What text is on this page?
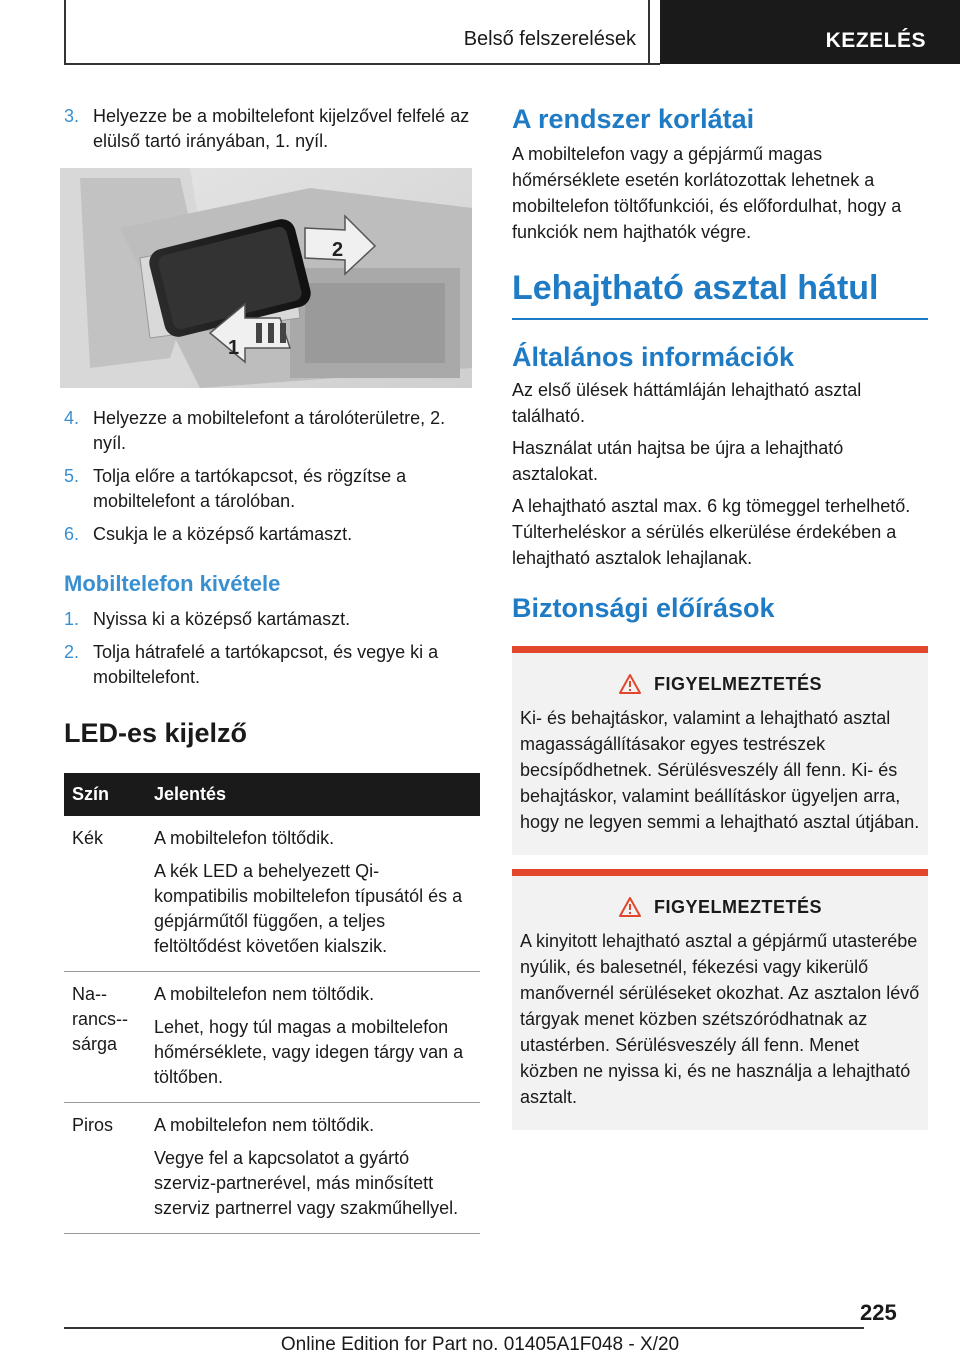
Belső felszerelések	KEZELÉS
3. Helyezze be a mobiltelefont kijelzővel felfelé az elülső tartó irányában, 1. nyíl.
2
1
4. Helyezze a mobiltelefont a tárolóterületre, 2. nyíl.
5. Tolja előre a tartókapcsot, és rögzítse a mobiltelefont a tárolóban.
6. Csukja le a középső kartámaszt.
Mobiltelefon kivétele
1. Nyissa ki a középső kartámaszt.
2. Tolja hátrafelé a tartókapcsot, és vegye ki a mobiltelefont.
LED-es kijelző
Szín	Jelentés
Kék	A mobiltelefon töltődik.

A kék LED a behelyezett Qi-kompatibilis mobiltelefon típusától és a gépjárműtől függően, a teljes feltöltődést követően kialszik.

Na-rancs-sárga	A mobiltelefon nem töltődik.

Lehet, hogy túl magas a mobiltelefon hőmérséklete, vagy idegen tárgy van a töltőben.

Piros	A mobiltelefon nem töltődik.

Vegye fel a kapcsolatot a gyártó szerviz-partnerével, más minősített szerviz partnerrel vagy szakműhellyel.

A rendszer korlátai

A mobiltelefon vagy a gépjármű magas hőmérséklete esetén korlátozottak lehetnek a mobiltelefon töltőfunkciói, és előfordulhat, hogy a funkciók nem hajthatók végre.

Lehajtható asztal hátul
Általános információk

Az első ülések háttámláján lehajtható asztal található.

Használat után hajtsa be újra a lehajtható asztalokat.

A lehajtható asztal max. 6 kg tömeggel terhelhető. Túlterheléskor a sérülés elkerülése érdekében a lehajtható asztalok lehajlanak.

Biztonsági előírások
FIGYELMEZTETÉS

Ki- és behajtáskor, valamint a lehajtható asztal magasságállításakor egyes testrészek becsípődhetnek. Sérülésveszély áll fenn. Ki- és behajtáskor, valamint beállításkor ügyeljen arra, hogy ne legyen semmi a lehajtható asztal útjában.

FIGYELMEZTETÉS

A kinyitott lehajtható asztal a gépjármű utasterébe nyúlik, és balesetnél, fékezési vagy kikerülő manővernél sérüléseket okozhat. Az asztalon lévő tárgyak menet közben szétszóródhatnak az utastérben. Sérülésveszély áll fenn. Menet közben ne nyissa ki, és ne használja a lehajtható asztalt.

225
Online Edition for Part no. 01405A1F048 - X/20
